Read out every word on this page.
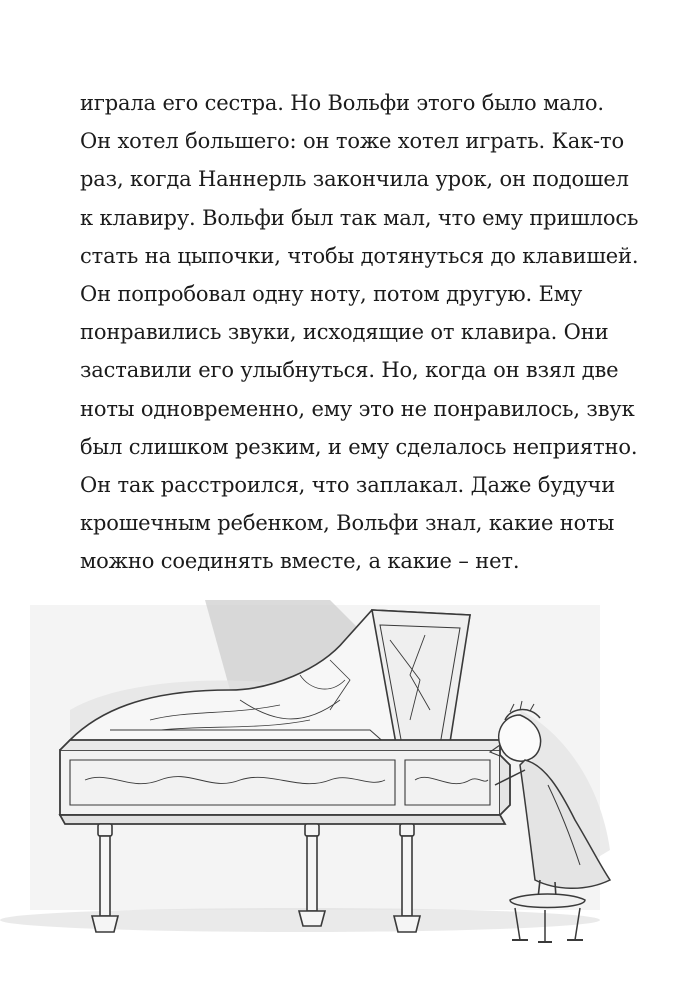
играла его сестра. Но Вольфи этого было мало.
Он хотел большего: он тоже хотел играть. Как-то
раз, когда Наннерль закончила урок, он подошел
к клавиру. Вольфи был так мал, что ему пришлось
стать на цыпочки, чтобы дотянуться до клавишей.
Он попробовал одну ноту, потом другую. Ему
понравились звуки, исходящие от клавира. Они
заставили его улыбнуться. Но, когда он взял две
ноты одновременно, ему это не понравилось, звук
был слишком резким, и ему сделалось неприятно.
Он так расстроился, что заплакал. Даже будучи
крошечным ребенком, Вольфи знал, какие ноты
можно соединять вместе, а какие – нет.
